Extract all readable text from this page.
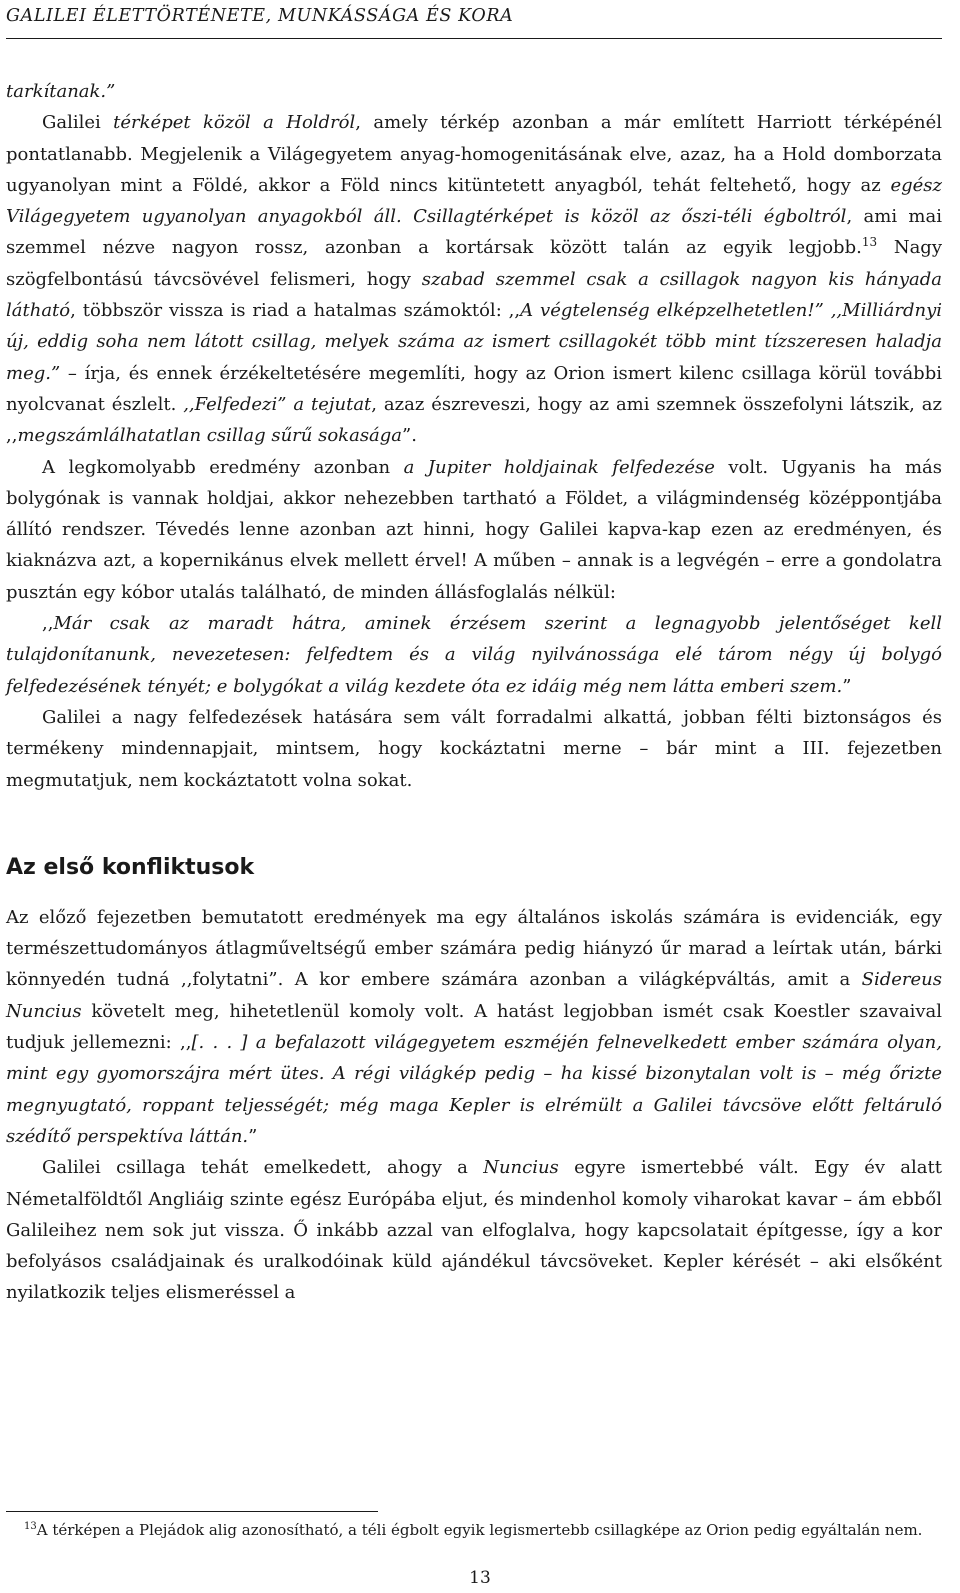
GALILEI ÉLETTÖRTÉNETE, MUNKÁSSÁGA ÉS KORA

tarkítanak.”

Galilei térképet közöl a Holdról, amely térkép azonban a már említett Harriott térképénél pontatlanabb. Megjelenik a Világegyetem anyag-homogenitásának elve, azaz, ha a Hold domborzata ugyanolyan mint a Földé, akkor a Föld nincs kitüntetett anyagból, tehát feltehető, hogy az egész Világegyetem ugyanolyan anyagokból áll. Csillagtérképet is közöl az őszi-téli égboltról, ami mai szemmel nézve nagyon rossz, azonban a kortársak között talán az egyik legjobb.$^{13}$ Nagy szögfelbontású távcsövével felismeri, hogy szabad szemmel csak a csillagok nagyon kis hányada látható, többször vissza is riad a hatalmas számoktól: ,,A végtelenség elképzelhetetlen!” ,,Milliárdnyi új, eddig soha nem látott csillag, melyek száma az ismert csillagokét több mint tízszeresen haladja meg.” – írja, és ennek érzékeltetésére megemlíti, hogy az Orion ismert kilenc csillaga körül további nyolcvanat észlelt. ,,Felfedezi” a tejutat, azaz észreveszi, hogy az ami szemnek összefolyni látszik, az ,,megszámlálhatatlan csillag sűrű sokasága”.

A legkomolyabb eredmény azonban a Jupiter holdjainak felfedezése volt. Ugyanis ha más bolygónak is vannak holdjai, akkor nehezebben tartható a Földet, a világmindenség középpontjába állító rendszer. Tévedés lenne azonban azt hinni, hogy Galilei kapva-kap ezen az eredményen, és kiaknázva azt, a kopernikánus elvek mellett érvel! A műben – annak is a legvégén – erre a gondolatra pusztán egy kóbor utalás található, de minden állásfoglalás nélkül:

,,Már csak az maradt hátra, aminek érzésem szerint a legnagyobb jelentőséget kell tulajdonítanunk, nevezetesen: felfedtem és a világ nyilvánossága elé tárom négy új bolygó felfedezésének tényét; e bolygókat a világ kezdete óta ez idáig még nem látta emberi szem.”

Galilei a nagy felfedezések hatására sem vált forradalmi alkattá, jobban félti biztonságos és termékeny mindennapjait, mintsem, hogy kockáztatni merne – bár mint a III. fejezetben megmutatjuk, nem kockáztatott volna sokat.

Az első konfliktusok

Az előző fejezetben bemutatott eredmények ma egy általános iskolás számára is evidenciák, egy természettudományos átlagműveltségű ember számára pedig hiányzó űr marad a leírtak után, bárki könnyedén tudná ,,folytatni”. A kor embere számára azonban a világképváltás, amit a Sidereus Nuncius követelt meg, hihetetlenül komoly volt. A hatást legjobban ismét csak Koestler szavaival tudjuk jellemezni: ,,[. . . ] a befalazott világegyetem eszméjén felnevelkedett ember számára olyan, mint egy gyomorszájra mért ütes. A régi világkép pedig – ha kissé bizonytalan volt is – még őrizte megnyugtató, roppant teljességét; még maga Kepler is elrémült a Galilei távcsöve előtt feltáruló szédítő perspektíva láttán.”

Galilei csillaga tehát emelkedett, ahogy a Nuncius egyre ismertebbé vált. Egy év alatt Németalföldtől Angliáig szinte egész Európába eljut, és mindenhol komoly viharokat kavar – ám ebből Galileihez nem sok jut vissza. Ő inkább azzal van elfoglalva, hogy kapcsolatait építgesse, így a kor befolyásos családjainak és uralkodóinak küld ajándékul távcsöveket. Kepler kérését – aki elsőként nyilatkozik teljes elismeréssel a

$^{13}$A térképen a Plejádok alig azonosítható, a téli égbolt egyik legismertebb csillagképe az Orion pedig egyáltalán nem.
13
